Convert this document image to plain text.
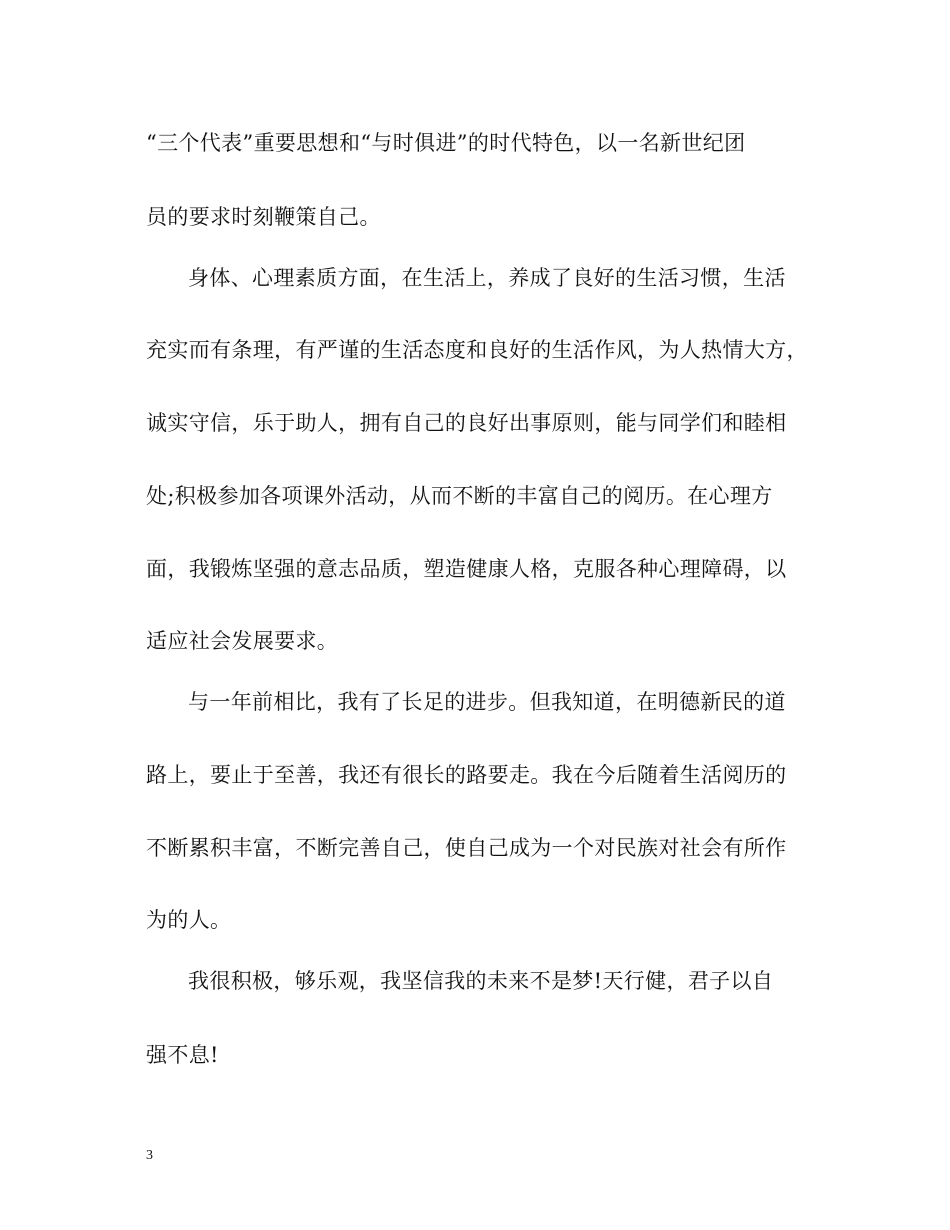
“三个代表”重要思想和“与时俱进”的时代特色，以一名新世纪团
员的要求时刻鞭策自己。
身体、心理素质方面，在生活上，养成了良好的生活习惯，生活
充实而有条理，有严谨的生活态度和良好的生活作风，为人热情大方，
诚实守信，乐于助人，拥有自己的良好出事原则，能与同学们和睦相
处;积极参加各项课外活动，从而不断的丰富自己的阅历。在心理方
面，我锻炼坚强的意志品质，塑造健康人格，克服各种心理障碍，以
适应社会发展要求。
与一年前相比，我有了长足的进步。但我知道，在明德新民的道
路上，要止于至善，我还有很长的路要走。我在今后随着生活阅历的
不断累积丰富，不断完善自己，使自己成为一个对民族对社会有所作
为的人。
我很积极，够乐观，我坚信我的未来不是梦!天行健，君子以自
强不息!
3
